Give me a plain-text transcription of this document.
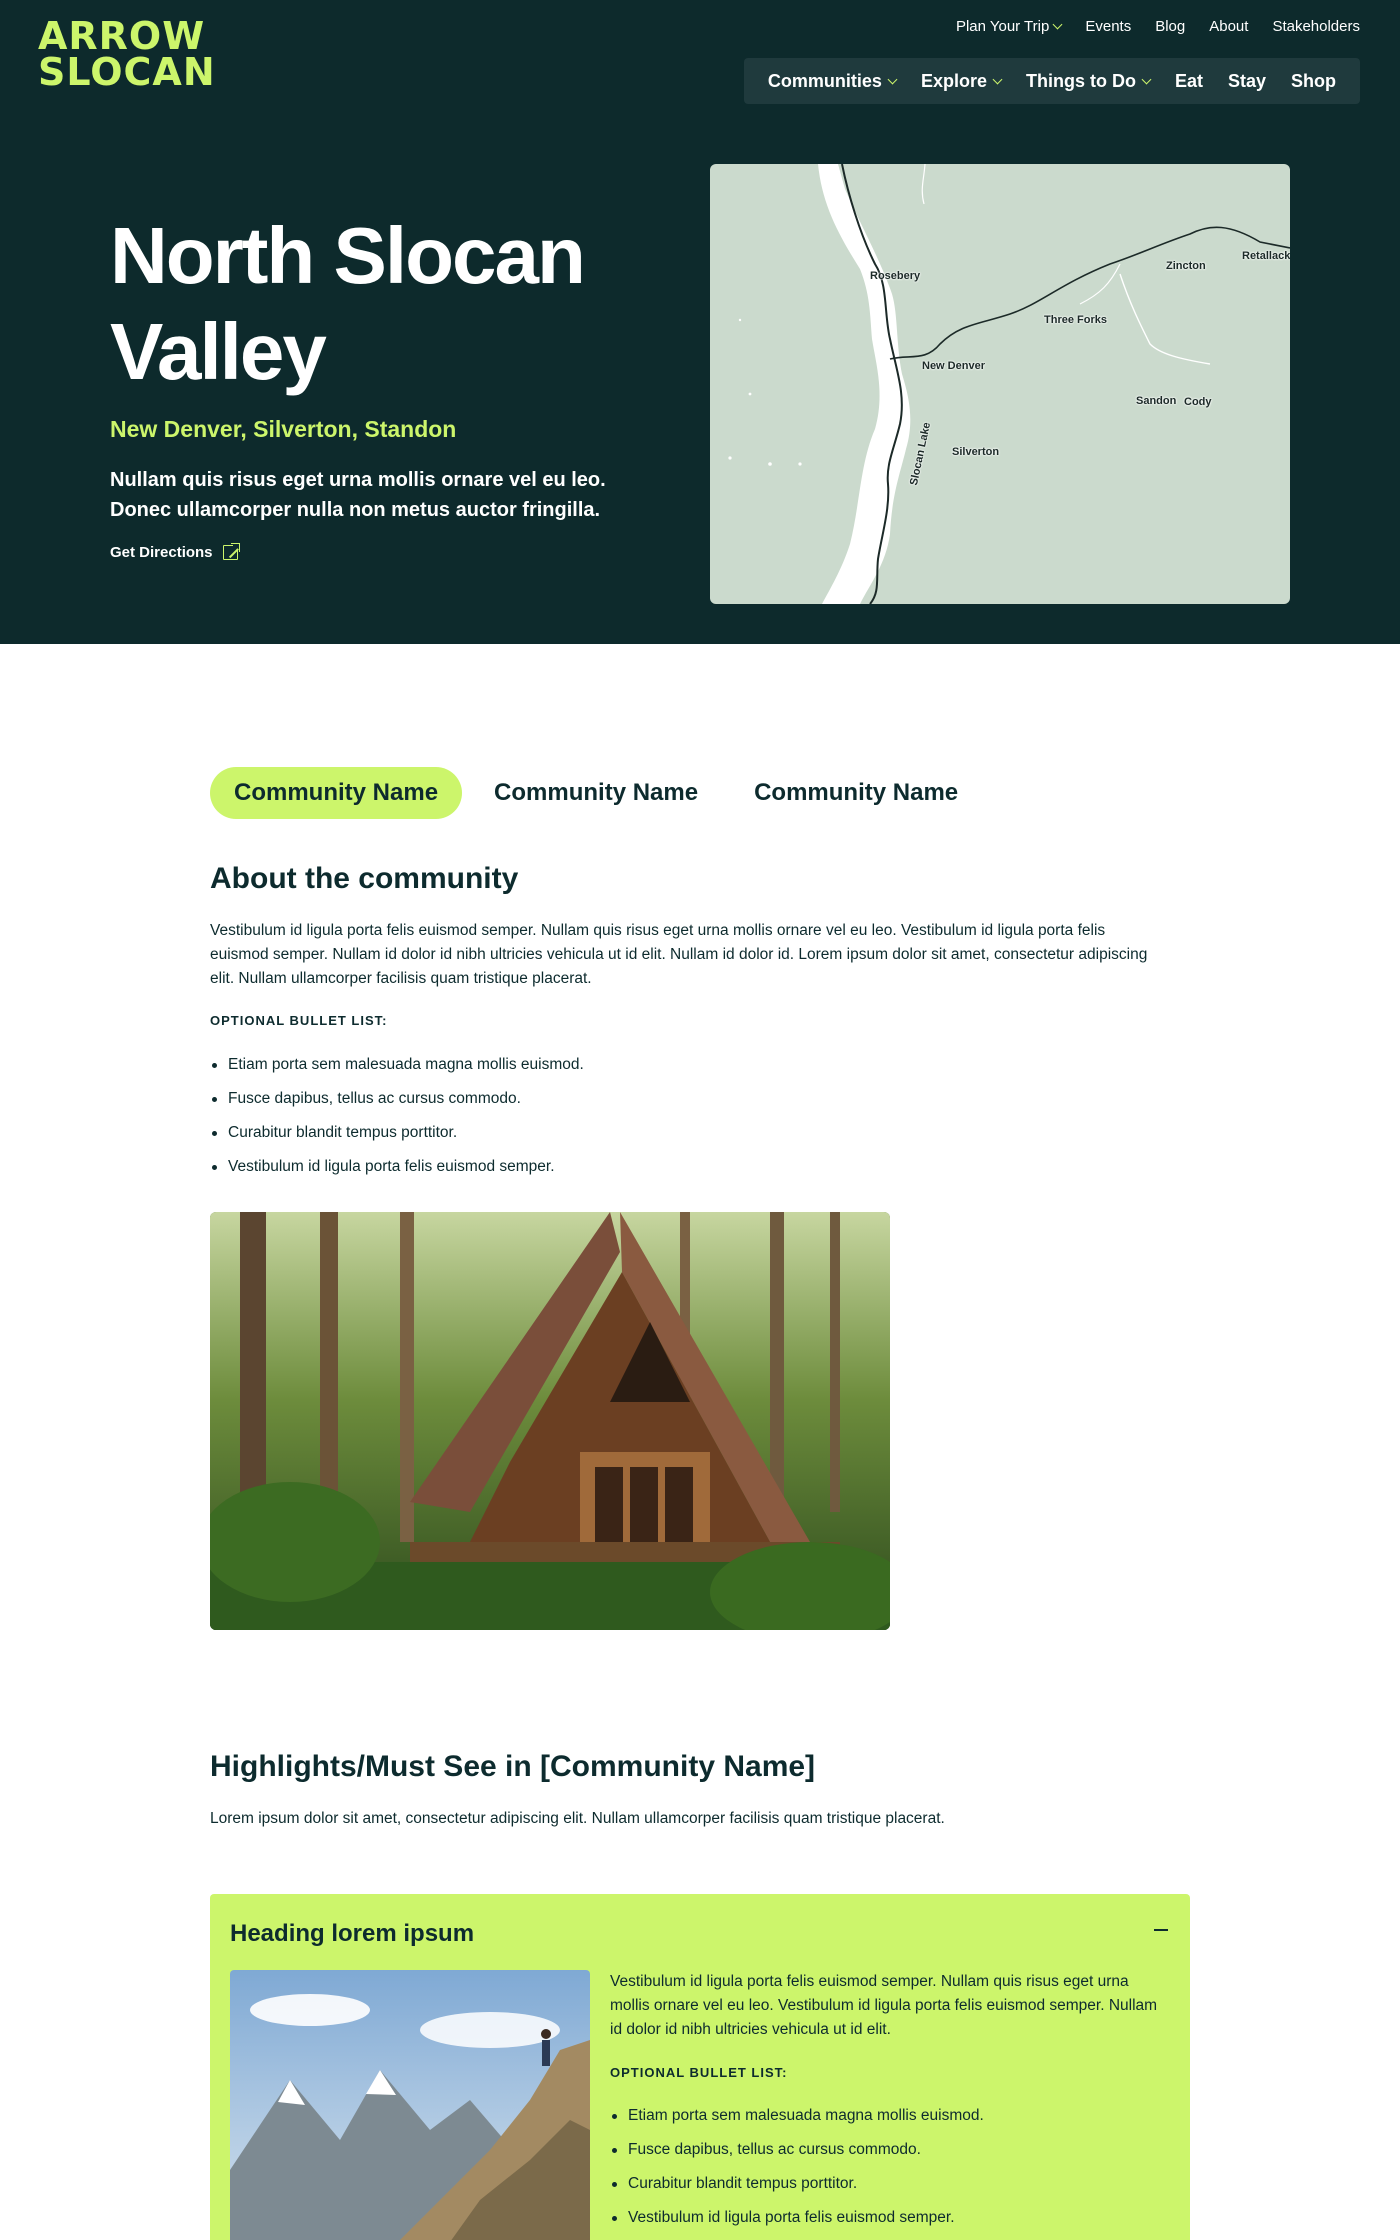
ARROW
SLOCAN
Plan Your Trip Events Blog About Stakeholders
Communities Explore Things to Do Eat Stay Shop
North Slocan Valley
New Denver, Silverton, Standon

Nullam quis risus eget urna mollis ornare vel eu leo. Donec ullamcorper nulla non metus auctor fringilla.

Get Directions
Rosebery
New Denver
Silverton
Slocan Lake
Three Forks
Zincton
Retallack
Sandon Cody
Community Name	Community Name	Community Name
About the community

Vestibulum id ligula porta felis euismod semper. Nullam quis risus eget urna mollis ornare vel eu leo. Vestibulum id ligula porta felis euismod semper. Nullam id dolor id nibh ultricies vehicula ut id elit. Nullam id dolor id. Lorem ipsum dolor sit amet, consectetur adipiscing elit. Nullam ullamcorper facilisis quam tristique placerat.

OPTIONAL BULLET LIST:
Etiam porta sem malesuada magna mollis euismod.
Fusce dapibus, tellus ac cursus commodo.
Curabitur blandit tempus porttitor.
Vestibulum id ligula porta felis euismod semper.
Highlights/Must See in [Community Name]

Lorem ipsum dolor sit amet, consectetur adipiscing elit. Nullam ullamcorper facilisis quam tristique placerat.

Heading lorem ipsum

Vestibulum id ligula porta felis euismod semper. Nullam quis risus eget urna mollis ornare vel eu leo. Vestibulum id ligula porta felis euismod semper. Nullam id dolor id nibh ultricies vehicula ut id elit.

OPTIONAL BULLET LIST:
Etiam porta sem malesuada magna mollis euismod.
Fusce dapibus, tellus ac cursus commodo.
Curabitur blandit tempus porttitor.
Vestibulum id ligula porta felis euismod semper.
